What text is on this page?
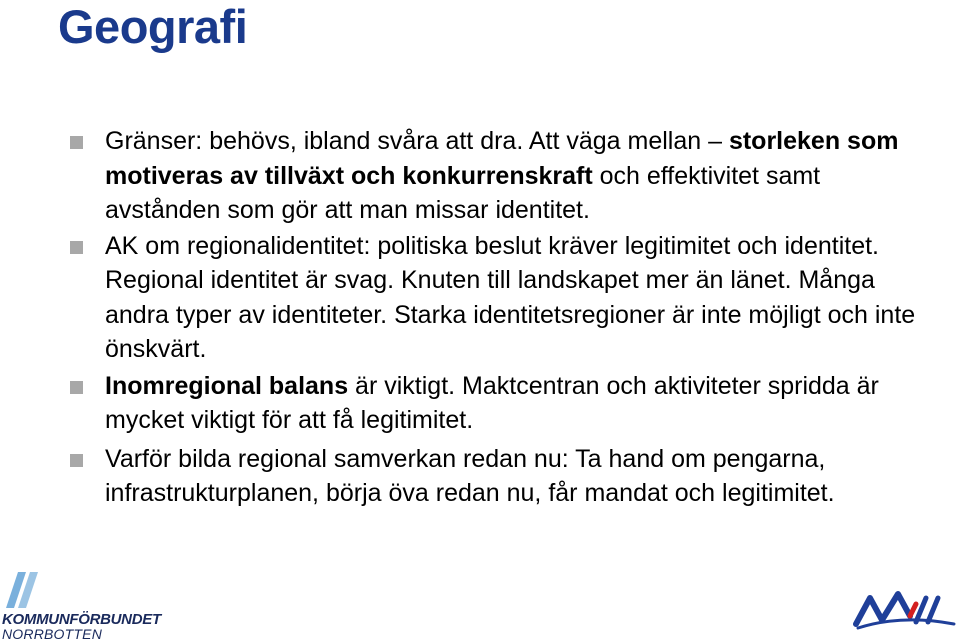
Geografi
Gränser: behövs, ibland svåra att dra. Att väga mellan – storleken som motiveras av tillväxt och konkurrenskraft och effektivitet samt avstånden som gör att man missar identitet.
AK om regionalidentitet: politiska beslut kräver legitimitet och identitet. Regional identitet är svag. Knuten till landskapet mer än länet. Många andra typer av identiteter. Starka identitetsregioner är inte möjligt och inte önskvärt.
Inomregional balans är viktigt. Maktcentran och aktiviteter spridda är mycket viktigt för att få legitimitet.
Varför bilda regional samverkan redan nu: Ta hand om pengarna, infrastrukturplanen, börja öva redan nu, får mandat och legitimitet.
KOMMUNFÖRBUNDET
NORRBOTTEN
